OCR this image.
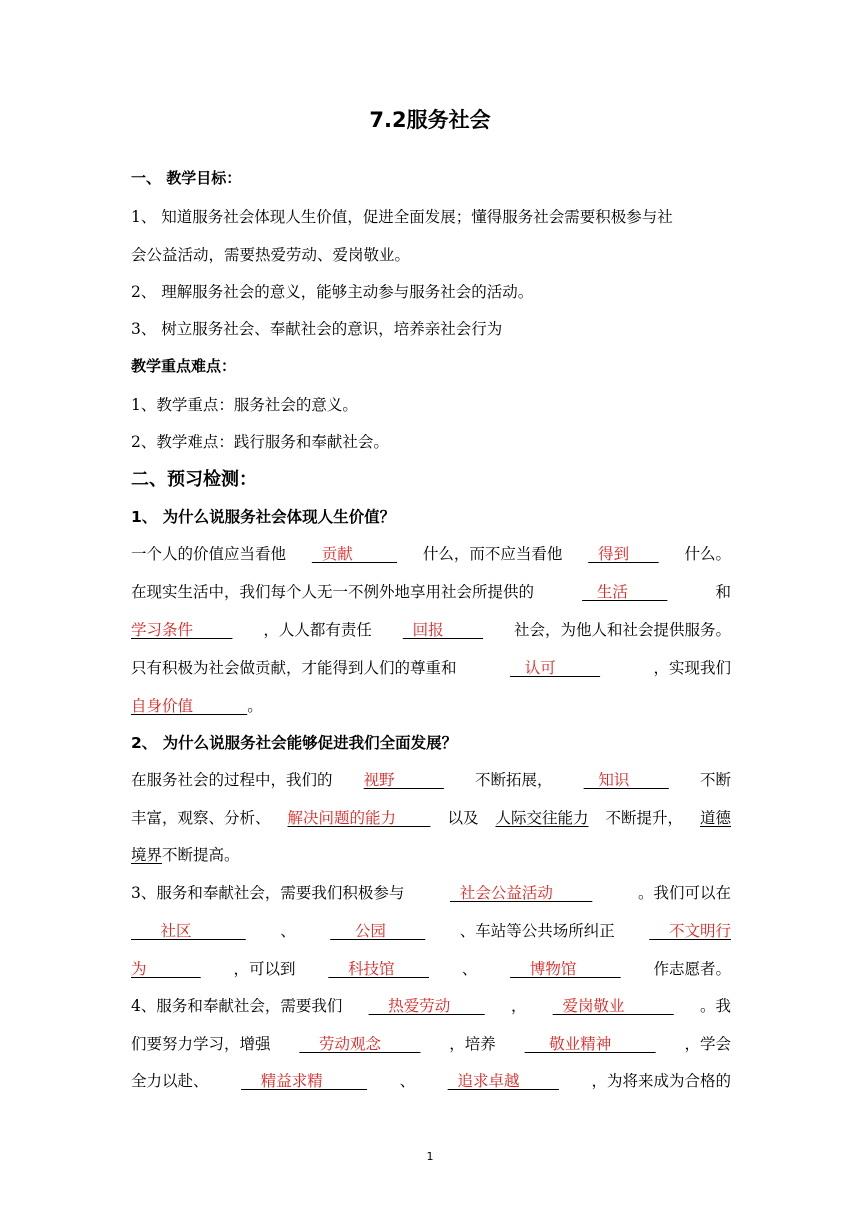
7.2服务社会
一、 教学目标：
1、 知道服务社会体现人生价值，促进全面发展；懂得服务社会需要积极参与社
会公益活动，需要热爱劳动、爱岗敬业。
2、 理解服务社会的意义，能够主动参与服务社会的活动。
3、 树立服务社会、奉献社会的意识，培养亲社会行为
教学重点难点：
1、教学重点：服务社会的意义。
2、教学难点：践行服务和奉献社会。
二、预习检测：
1、 为什么说服务社会体现人生价值？
一个人的价值应当看他 贡献 什么，而不应当看他 得到 什么。
在现实生活中，我们每个人无一不例外地享用社会所提供的	生活	和
学习条件 ，人人都有责任 回报 社会，为他人和社会提供服务。
只有积极为社会做贡献，才能得到人们的尊重和	认可	，实现我们
自身价值           。
2、 为什么说服务社会能够促进我们全面发展？
在服务社会的过程中，我们的 视野 不断拓展， 知识 不断
丰富，观察、分析、 解决问题的能力 以及 人际交往能力 不断提升， 道德
境界不断提高。
3、服务和奉献社会，需要我们积极参与	社会公益活动	。我们可以在
社区 、 公园 、车站等公共场所纠正 不文明行
为 ，可以到 科技馆 、 博物馆 作志愿者。
4、服务和奉献社会，需要我们 热爱劳动 ， 爱岗敬业 。我
们要努力学习，增强 劳动观念 ，培养 敬业精神 ，学会
全力以赴、 精益求精 、 追求卓越 ，为将来成为合格的
1
